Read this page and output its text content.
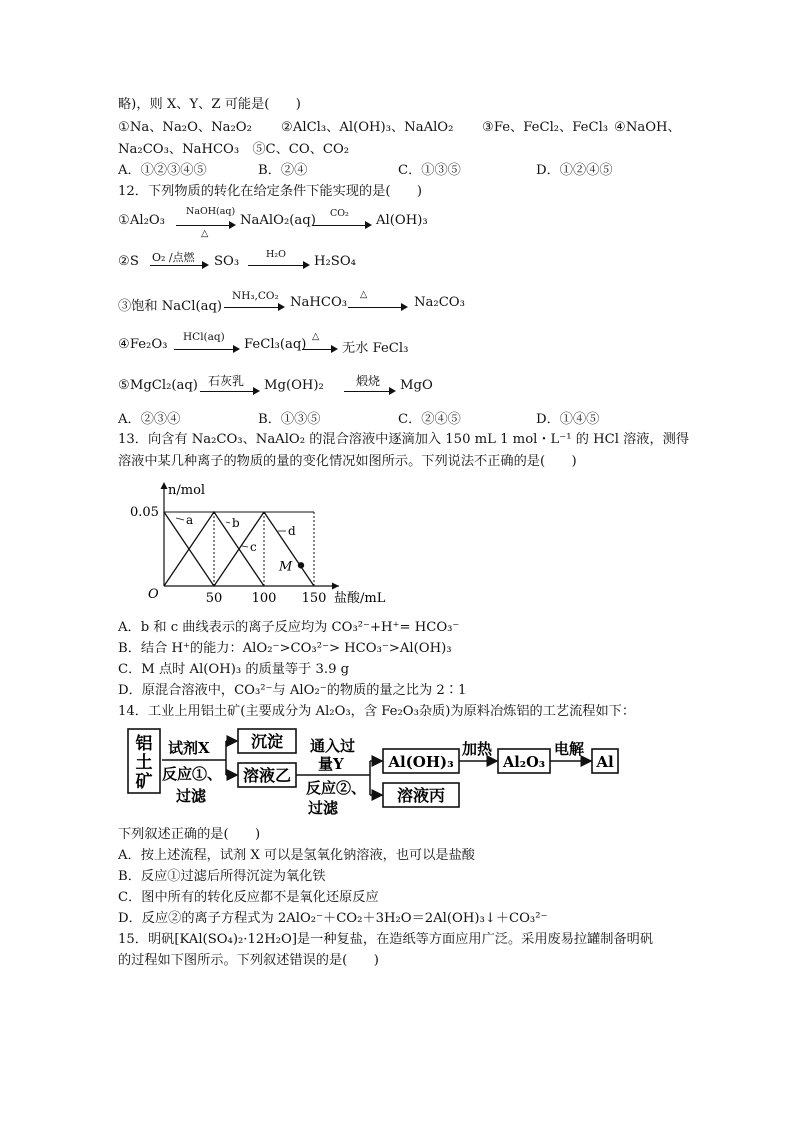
略)，则 X、Y、Z 可能是(　　)
①Na、Na₂O、Na₂O₂ ②AlCl₃、Al(OH)₃、NaAlO₂ ③Fe、FeCl₂、FeCl₃ ④NaOH、
Na₂CO₃、NaHCO₃　⑤C、CO、CO₂
A．①②③④⑤	B．②④	C．①③⑤	D．①②④⑤
12．下列物质的转化在给定条件下能实现的是(　　)
①Al₂O₃
NaOH(aq)
△
NaAlO₂(aq) CO₂ Al(OH)₃
②S O₂ /点燃 SO₃	H₂O H₂SO₄
③饱和 NaCl(aq)
NH₃,CO₂ NaHCO₃
△
Na₂CO₃
④Fe₂O₃ HCl(aq) FeCl₃(aq)
△
无水 FeCl₃
⑤MgCl₂(aq) 石灰乳 Mg(OH)₂	煅烧 MgO
A．②③④	B．①③⑤	C．②④⑤	D．①④⑤
13．向含有 Na₂CO₃、NaAlO₂ 的混合溶液中逐滴加入 150 mL 1 mol・L⁻¹ 的 HCl 溶液，测得
溶液中某几种离子的物质的量的变化情况如图所示。下列说法不正确的是(　　)
a	b
c
d
M
0.05
50 100 150
O
n/mol
盐酸/mL
A．b 和 c 曲线表示的离子反应均为 CO₃²⁻+H⁺= HCO₃⁻
B．结合 H⁺的能力：AlO₂⁻>CO₃²⁻> HCO₃⁻>Al(OH)₃
C．M 点时 Al(OH)₃ 的质量等于 3.9 g
D．原混合溶液中，CO₃²⁻与 AlO₂⁻的物质的量之比为 2∶1
14．工业上用铝土矿(主要成分为 Al₂O₃，含 Fe₂O₃杂质)为原料冶炼铝的工艺流程如下：
铝
土
矿
试剂X
反应①、
过滤
沉淀
溶液乙
通入过
量Y
反应②、
过滤
Al(OH)₃
溶液丙
加热
Al₂O₃
电解
Al
下列叙述正确的是(　　)
A．按上述流程，试剂 X 可以是氢氧化钠溶液，也可以是盐酸
B．反应①过滤后所得沉淀为氧化铁
C．图中所有的转化反应都不是氧化还原反应
D．反应②的离子方程式为 2AlO₂⁻＋CO₂＋3H₂O＝2Al(OH)₃↓＋CO₃²⁻
15．明矾[KAl(SO₄)₂·12H₂O]是一种复盐，在造纸等方面应用广泛。采用废易拉罐制备明矾
的过程如下图所示。下列叙述错误的是(　　)
